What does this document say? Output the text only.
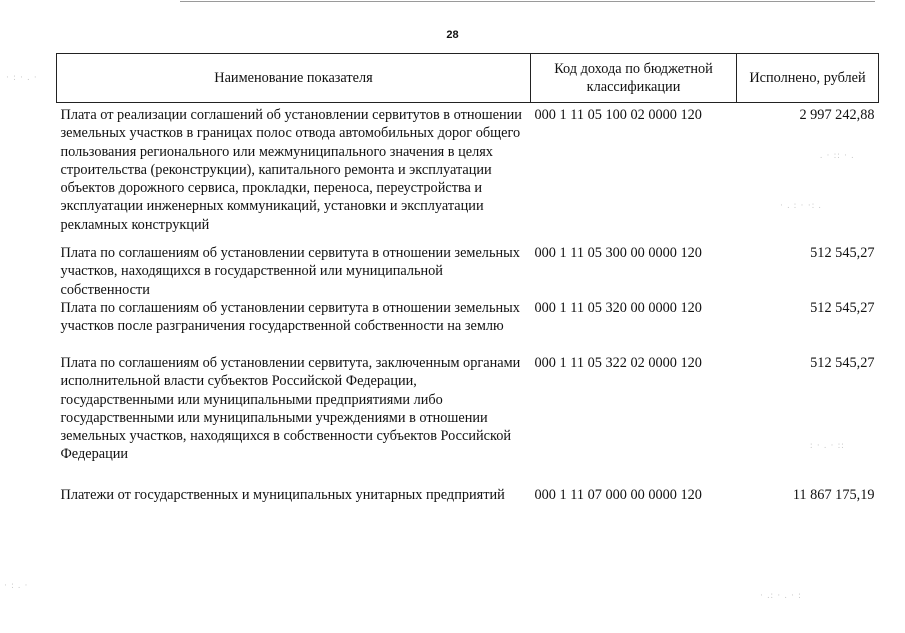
· : · . ·
. · :: · .
· . : · ·: .
: · . · ::
· .: · . · :
· : . ·
28
Наименование показателя	Код дохода по бюджетной классификации	Исполнено, рублей
Плата от реализации соглашений об установлении сервитутов в отношении земельных участков в границах полос отвода автомобильных дорог общего пользования регионального или межмуниципального значения в целях строительства (реконструкции), капитального ремонта и эксплуатации объектов дорожного сервиса, прокладки, переноса, переустройства и эксплуатации инженерных коммуникаций, установки и эксплуатации рекламных конструкций	000 1 11 05 100 02 0000 120	2 997 242,88
Плата по соглашениям об установлении сервитута в отношении земельных участков, находящихся в государственной или муниципальной собственности	000 1 11 05 300 00 0000 120	512 545,27
Плата по соглашениям об установлении сервитута в отношении земельных участков после разграничения государственной собственности на землю	000 1 11 05 320 00 0000 120	512 545,27
Плата по соглашениям об установлении сервитута, заключенным органами исполнительной власти субъектов Российской Федерации, государственными или муниципальными предприятиями либо государственными или муниципальными учреждениями в отношении земельных участков, находящихся в собственности субъектов Российской Федерации	000 1 11 05 322 02 0000 120	512 545,27
Платежи от государственных и муниципальных унитарных предприятий	000 1 11 07 000 00 0000 120	11 867 175,19
